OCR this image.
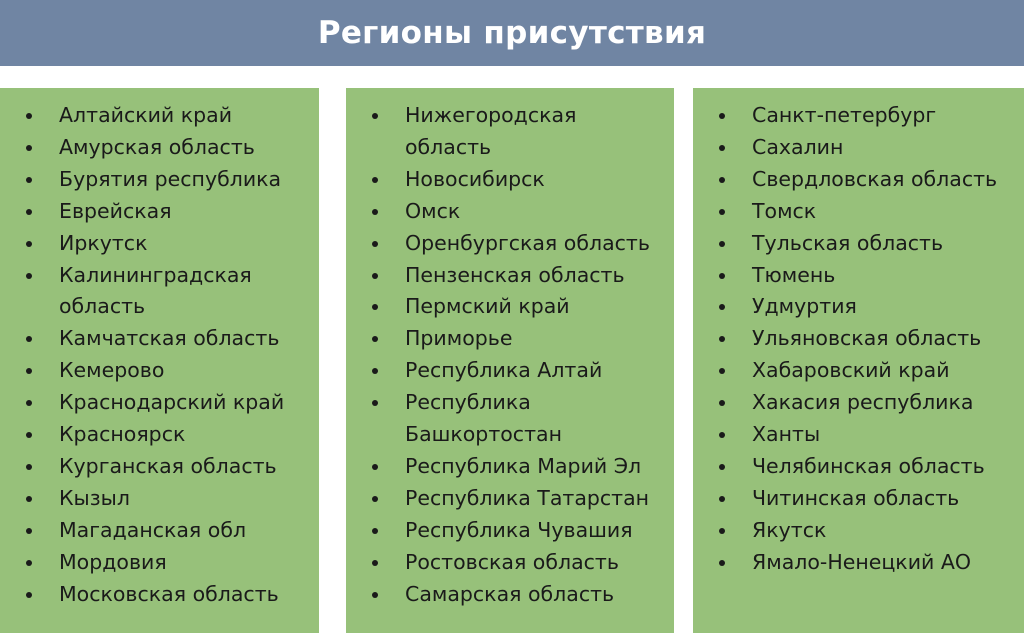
Регионы присутствия
Алтайский край
Амурская область
Бурятия республика
Еврейская
Иркутск
Калининградская область
Камчатская область
Кемерово
Краснодарский край
Красноярск
Курганская область
Кызыл
Магаданская обл
Мордовия
Московская область
Нижегородская область
Новосибирск
Омск
Оренбургская область
Пензенская область
Пермский край
Приморье
Республика Алтай
Республика Башкортостан
Республика Марий Эл
Республика Татарстан
Республика Чувашия
Ростовская область
Самарская область
Санкт-петербург
Сахалин
Свердловская область
Томск
Тульская область
Тюмень
Удмуртия
Ульяновская область
Хабаровский край
Хакасия республика
Ханты
Челябинская область
Читинская область
Якутск
Ямало-Ненецкий АО
